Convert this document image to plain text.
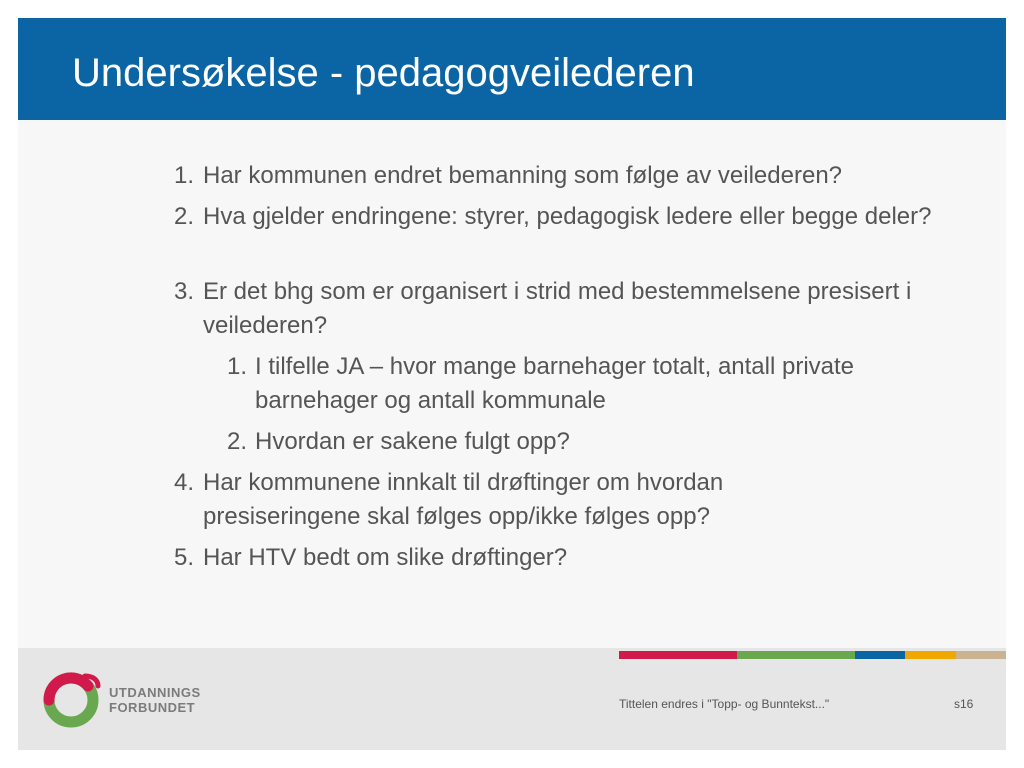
Undersøkelse - pedagogveilederen
1. Har kommunen endret bemanning som følge av veilederen?
2. Hva gjelder endringene: styrer, pedagogisk ledere eller begge deler?
3. Er det bhg som er organisert i strid med bestemmelsene presisert i veilederen?
1. I tilfelle JA – hvor mange barnehager totalt, antall private barnehager og antall kommunale
2. Hvordan er sakene fulgt opp?
4. Har kommunene innkalt til drøftinger om hvordan presiseringene skal følges opp/ikke følges opp?
5. Har HTV bedt om slike drøftinger?
UTDANNINGS
FORBUNDET	Tittelen endres i "Topp- og Bunntekst..."	s16
